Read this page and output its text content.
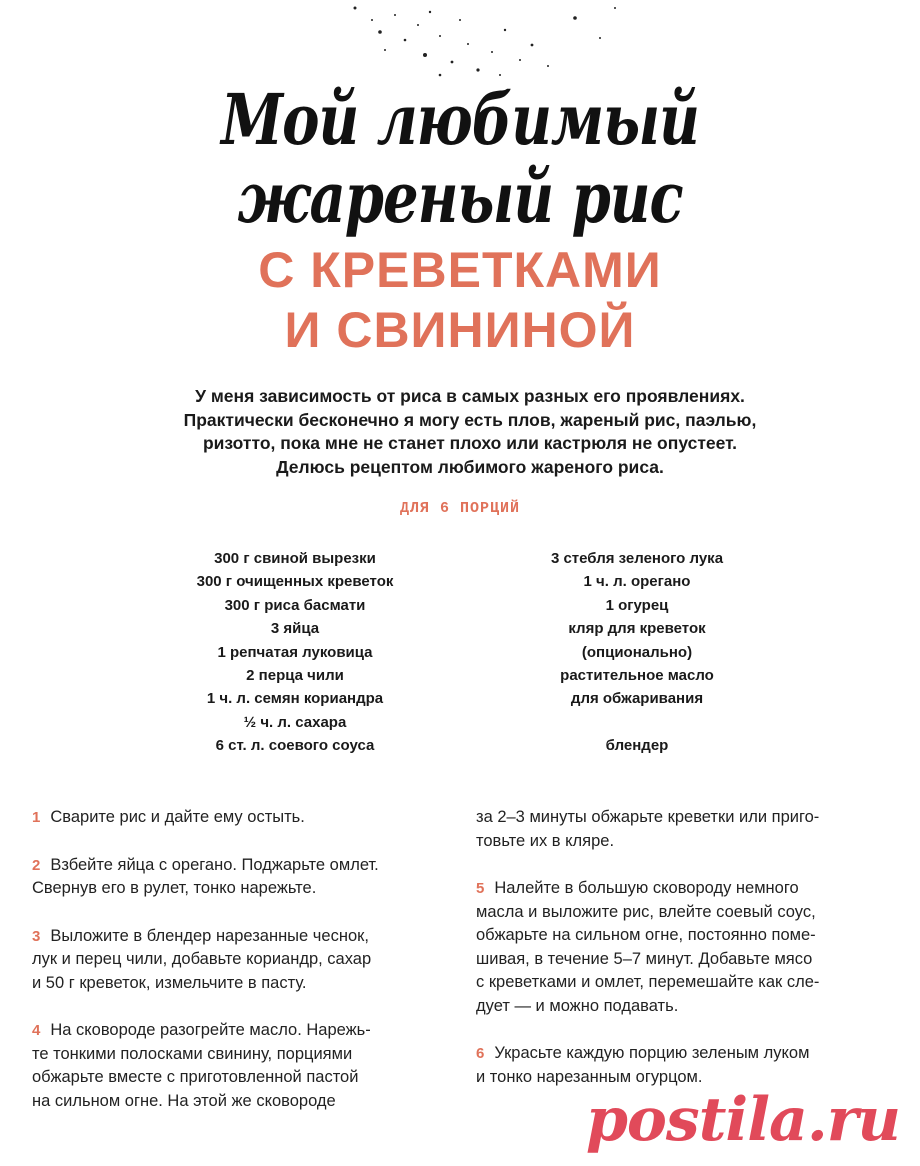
Мой любимый
жареный рис
С КРЕВЕТКАМИ
И СВИНИНОЙ
У меня зависимость от риса в самых разных его проявлениях.
Практически бесконечно я могу есть плов, жареный рис, паэлью,
ризотто, пока мне не станет плохо или кастрюля не опустеет.
Делюсь рецептом любимого жареного риса.
ДЛЯ 6 ПОРЦИЙ
300 г свиной вырезки
300 г очищенных креветок
300 г риса басмати
3 яйца
1 репчатая луковица
2 перца чили
1 ч. л. семян кориандра
½ ч. л. сахара
6 ст. л. соевого соуса
3 стебля зеленого лука
1 ч. л. орегано
1 огурец
кляр для креветок
(опционально)
растительное масло
для обжаривания
блендер
1 Сварите рис и дайте ему остыть.
2 Взбейте яйца с орегано. Поджарьте омлет.
Свернув его в рулет, тонко нарежьте.
3 Выложите в блендер нарезанные чеснок,
лук и перец чили, добавьте кориандр, сахар
и 50 г креветок, измельчите в пасту.
4 На сковороде разогрейте масло. Нарежь-
те тонкими полосками свинину, порциями
обжарьте вместе с приготовленной пастой
на сильном огне. На этой же сковороде
за 2–3 минуты обжарьте креветки или приго-
товьте их в кляре.
5 Налейте в большую сковороду немного
масла и выложите рис, влейте соевый соус,
обжарьте на сильном огне, постоянно поме-
шивая, в течение 5–7 минут. Добавьте мясо
с креветками и омлет, перемешайте как сле-
дует — и можно подавать.
6 Украсьте каждую порцию зеленым луком
и тонко нарезанным огурцом.
postila.ru
